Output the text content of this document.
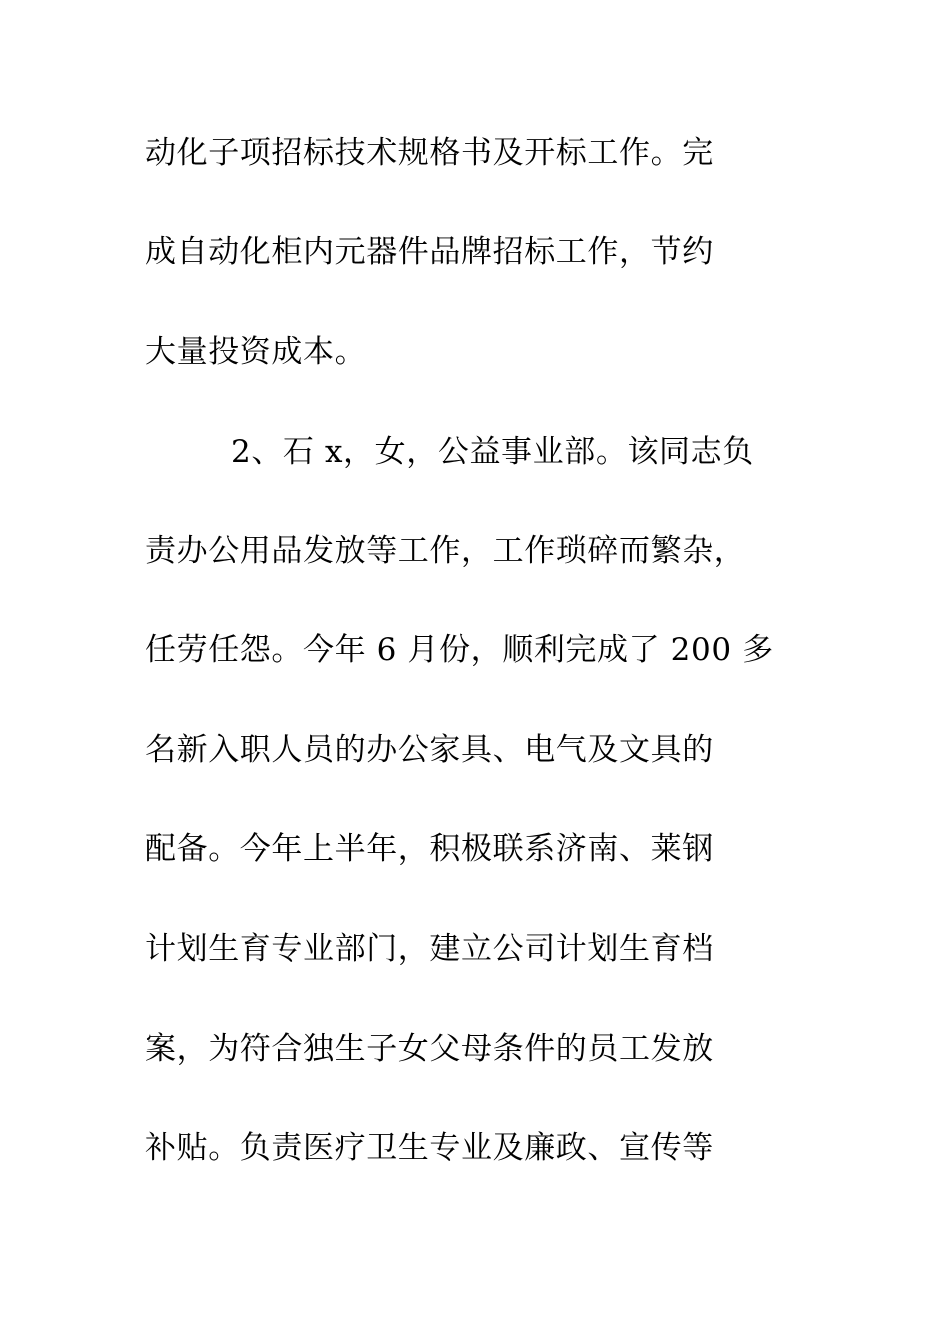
动化子项招标技术规格书及开标工作。完
成自动化柜内元器件品牌招标工作，节约
大量投资成本。
2、石 x，女，公益事业部。该同志负
责办公用品发放等工作，工作琐碎而繁杂，
任劳任怨。今年 6 月份，顺利完成了 200 多
名新入职人员的办公家具、电气及文具的
配备。今年上半年，积极联系济南、莱钢
计划生育专业部门，建立公司计划生育档
案，为符合独生子女父母条件的员工发放
补贴。负责医疗卫生专业及廉政、宣传等
